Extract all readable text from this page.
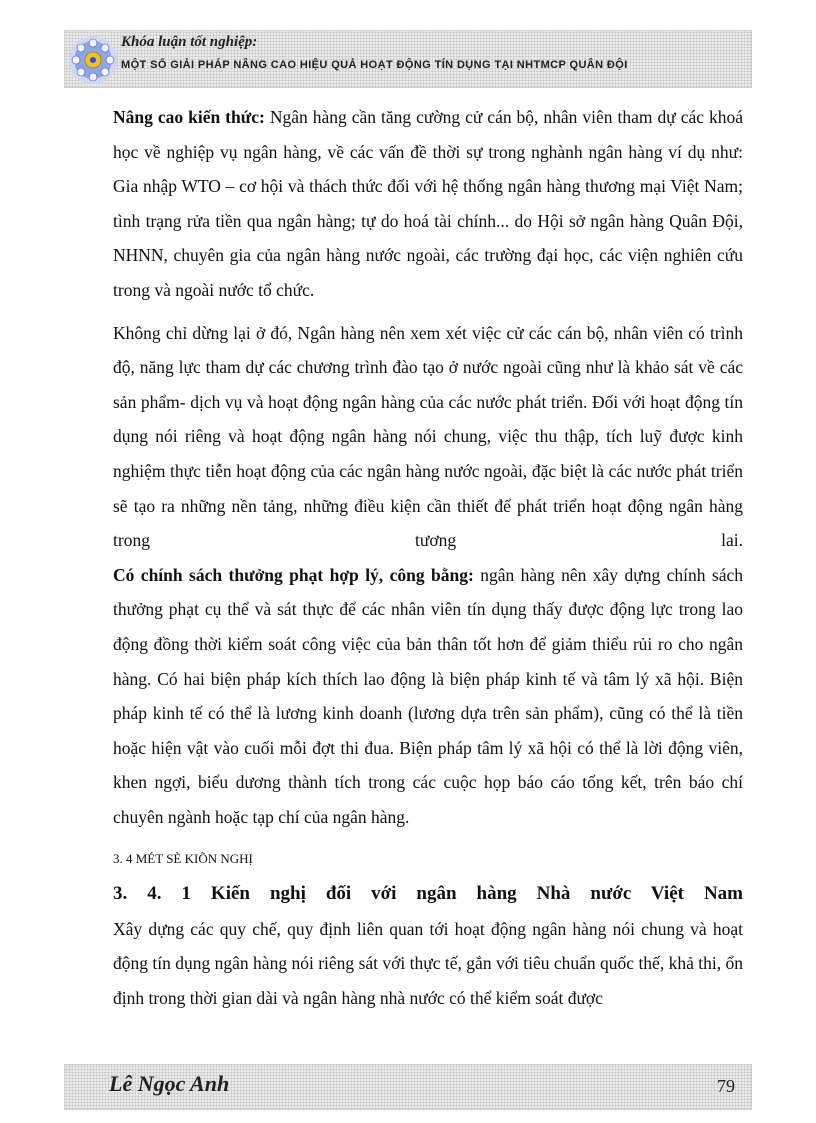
Khóa luận tốt nghiệp:
MỘT SỐ GIẢI PHÁP NÂNG CAO HIỆU QUẢ HOẠT ĐỘNG TÍN DỤNG TẠI NHTMCP QUÂN ĐỘI

Nâng cao kiến thức: Ngân hàng cần tăng cường cử cán bộ, nhân viên tham dự các khoá học về nghiệp vụ ngân hàng, về các vấn đề thời sự trong nghành ngân hàng ví dụ như: Gia nhập WTO – cơ hội và thách thức đối với hệ thống ngân hàng thương mại Việt Nam; tình trạng rửa tiền qua ngân hàng; tự do hoá tài chính... do Hội sở ngân hàng Quân Đội, NHNN, chuyên gia của ngân hàng nước ngoài, các trường đại học, các viện nghiên cứu trong và ngoài nước tổ chức.

Không chỉ dừng lại ở đó, Ngân hàng nên xem xét việc cử các cán bộ, nhân viên có trình độ, năng lực tham dự các chương trình đào tạo ở nước ngoài cũng như là khảo sát về các sản phẩm- dịch vụ và hoạt động ngân hàng của các nước phát triển. Đối với hoạt động tín dụng nói riêng và hoạt động ngân hàng nói chung, việc thu thập, tích luỹ được kinh nghiệm thực tiễn hoạt động của các ngân hàng nước ngoài, đặc biệt là các nước phát triển sẽ tạo ra những nền tảng, những điều kiện cần thiết để phát triển hoạt động ngân hàng trong tương lai.

Có chính sách thưởng phạt hợp lý, công bằng: ngân hàng nên xây dựng chính sách thưởng phạt cụ thể và sát thực để các nhân viên tín dụng thấy được động lực trong lao động đồng thời kiểm soát công việc của bản thân tốt hơn để giảm thiểu rủi ro cho ngân hàng. Có hai biện pháp kích thích lao động là biện pháp kinh tế và tâm lý xã hội. Biện pháp kinh tế có thể là lương kinh doanh (lương dựa trên sản phẩm), cũng có thể là tiền hoặc hiện vật vào cuối mỗi đợt thi đua. Biện pháp tâm lý xã hội có thể là lời động viên, khen ngợi, biểu dương thành tích trong các cuộc họp báo cáo tổng kết, trên báo chí chuyên ngành hoặc tạp chí của ngân hàng.

3. 4 MÉT SÈ KIÕN NGHỊ

3. 4. 1 Kiến nghị đối với ngân hàng Nhà nước Việt Nam

Xây dựng các quy chế, quy định liên quan tới hoạt động ngân hàng nói chung và hoạt động tín dụng ngân hàng nói riêng sát với thực tế, gắn với tiêu chuẩn quốc thế, khả thi, ổn định trong thời gian dài và ngân hàng nhà nước có thể kiểm soát được

Lê Ngọc Anh	79
